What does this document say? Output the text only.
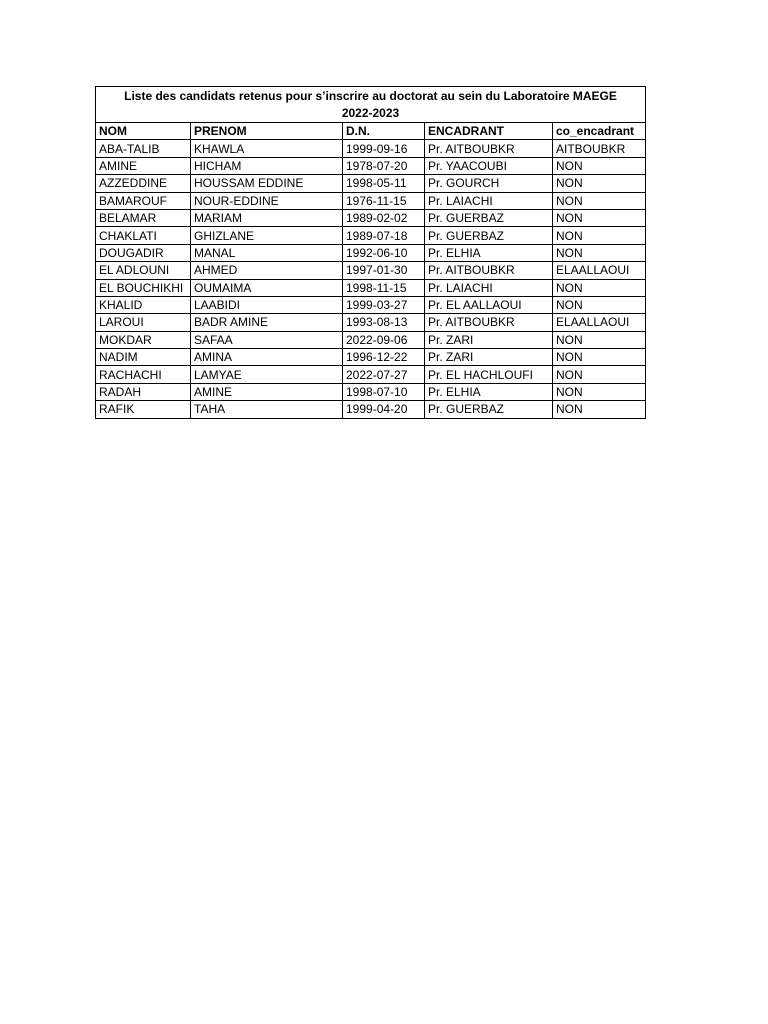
Liste des candidats retenus pour s’inscrire au doctorat au sein du Laboratoire MAEGE
2022-2023				

NOM	PRENOM	D.N.	ENCADRANT	co_encadrant
ABA-TALIB	KHAWLA	1999-09-16	Pr. AITBOUBKR	AITBOUBKR
AMINE	HICHAM	1978-07-20	Pr. YAACOUBI	NON
AZZEDDINE	HOUSSAM EDDINE	1998-05-11	Pr. GOURCH	NON
BAMAROUF	NOUR-EDDINE	1976-11-15	Pr. LAIACHI	NON
BELAMAR	MARIAM	1989-02-02	Pr. GUERBAZ	NON
CHAKLATI	GHIZLANE	1989-07-18	Pr. GUERBAZ	NON
DOUGADIR	MANAL	1992-06-10	Pr. ELHIA	NON
EL ADLOUNI	AHMED	1997-01-30	Pr. AITBOUBKR	ELAALLAOUI
EL BOUCHIKHI	OUMAIMA	1998-11-15	Pr. LAIACHI	NON
KHALID	LAABIDI	1999-03-27	Pr. EL AALLAOUI	NON
LAROUI	BADR AMINE	1993-08-13	Pr. AITBOUBKR	ELAALLAOUI
MOKDAR	SAFAA	2022-09-06	Pr. ZARI	NON
NADIM	AMINA	1996-12-22	Pr. ZARI	NON
RACHACHI	LAMYAE	2022-07-27	Pr. EL HACHLOUFI	NON
RADAH	AMINE	1998-07-10	Pr. ELHIA	NON
RAFIK	TAHA	1999-04-20	Pr. GUERBAZ	NON
